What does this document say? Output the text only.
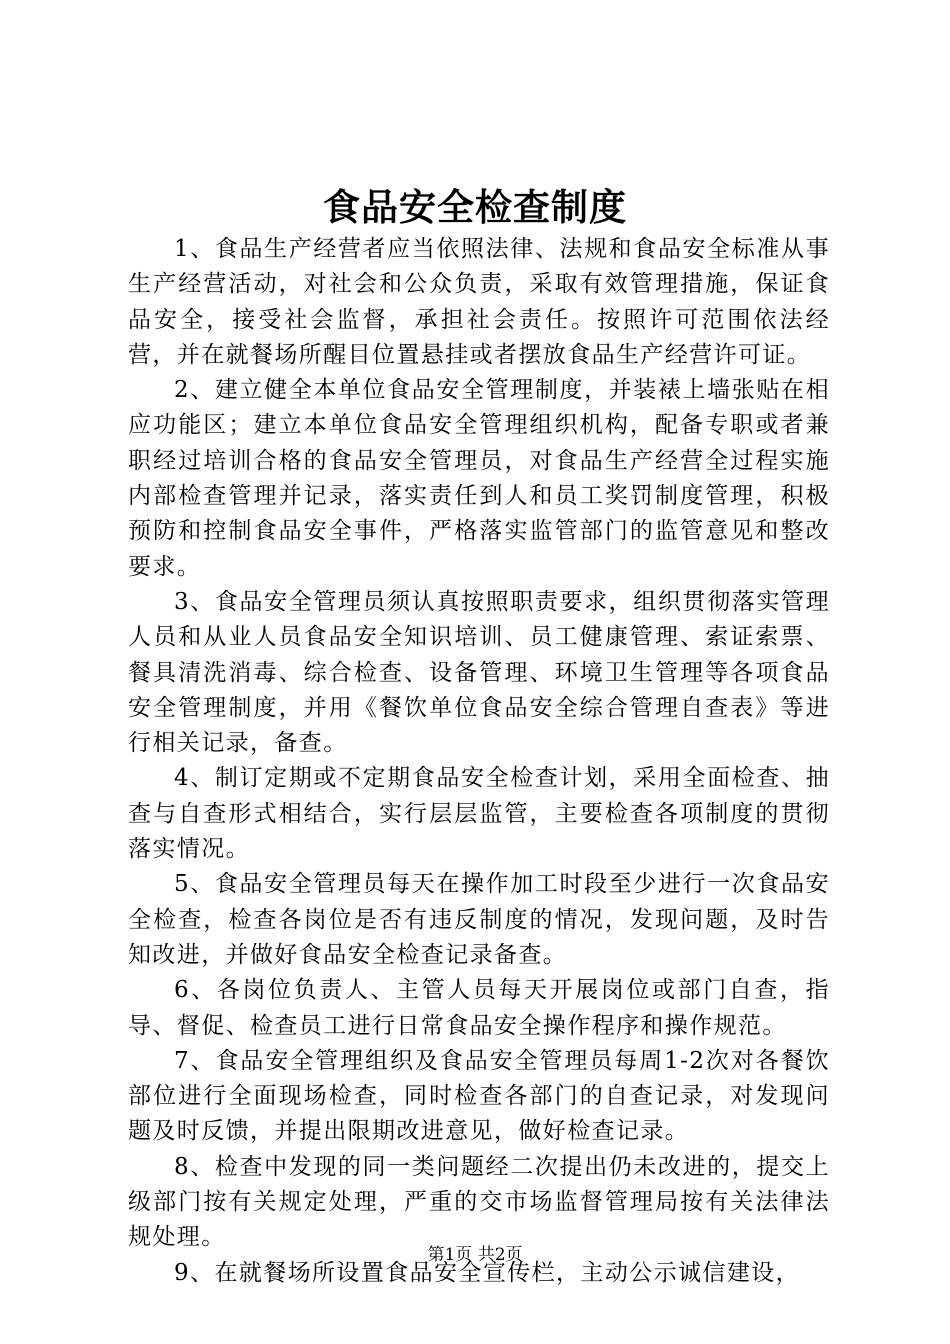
食品安全检查制度

1、食品生产经营者应当依照法律、法规和食品安全标准从事生产经营活动，对社会和公众负责，采取有效管理措施，保证食品安全，接受社会监督，承担社会责任。按照许可范围依法经营，并在就餐场所醒目位置悬挂或者摆放食品生产经营许可证。

2、建立健全本单位食品安全管理制度，并装裱上墙张贴在相应功能区；建立本单位食品安全管理组织机构，配备专职或者兼职经过培训合格的食品安全管理员，对食品生产经营全过程实施内部检查管理并记录，落实责任到人和员工奖罚制度管理，积极预防和控制食品安全事件，严格落实监管部门的监管意见和整改要求。

3、食品安全管理员须认真按照职责要求，组织贯彻落实管理人员和从业人员食品安全知识培训、员工健康管理、索证索票、餐具清洗消毒、综合检查、设备管理、环境卫生管理等各项食品安全管理制度，并用《餐饮单位食品安全综合管理自查表》等进行相关记录，备查。

4、制订定期或不定期食品安全检查计划，采用全面检查、抽查与自查形式相结合，实行层层监管，主要检查各项制度的贯彻落实情况。

5、食品安全管理员每天在操作加工时段至少进行一次食品安全检查，检查各岗位是否有违反制度的情况，发现问题，及时告知改进，并做好食品安全检查记录备查。

6、各岗位负责人、主管人员每天开展岗位或部门自查，指导、督促、检查员工进行日常食品安全操作程序和操作规范。

7、食品安全管理组织及食品安全管理员每周1-2次对各餐饮部位进行全面现场检查，同时检查各部门的自查记录，对发现问题及时反馈，并提出限期改进意见，做好检查记录。

8、检查中发现的同一类问题经二次提出仍未改进的，提交上级部门按有关规定处理，严重的交市场监督管理局按有关法律法规处理。

9、在就餐场所设置食品安全宣传栏，主动公示诚信建设，

第1页 共2页
